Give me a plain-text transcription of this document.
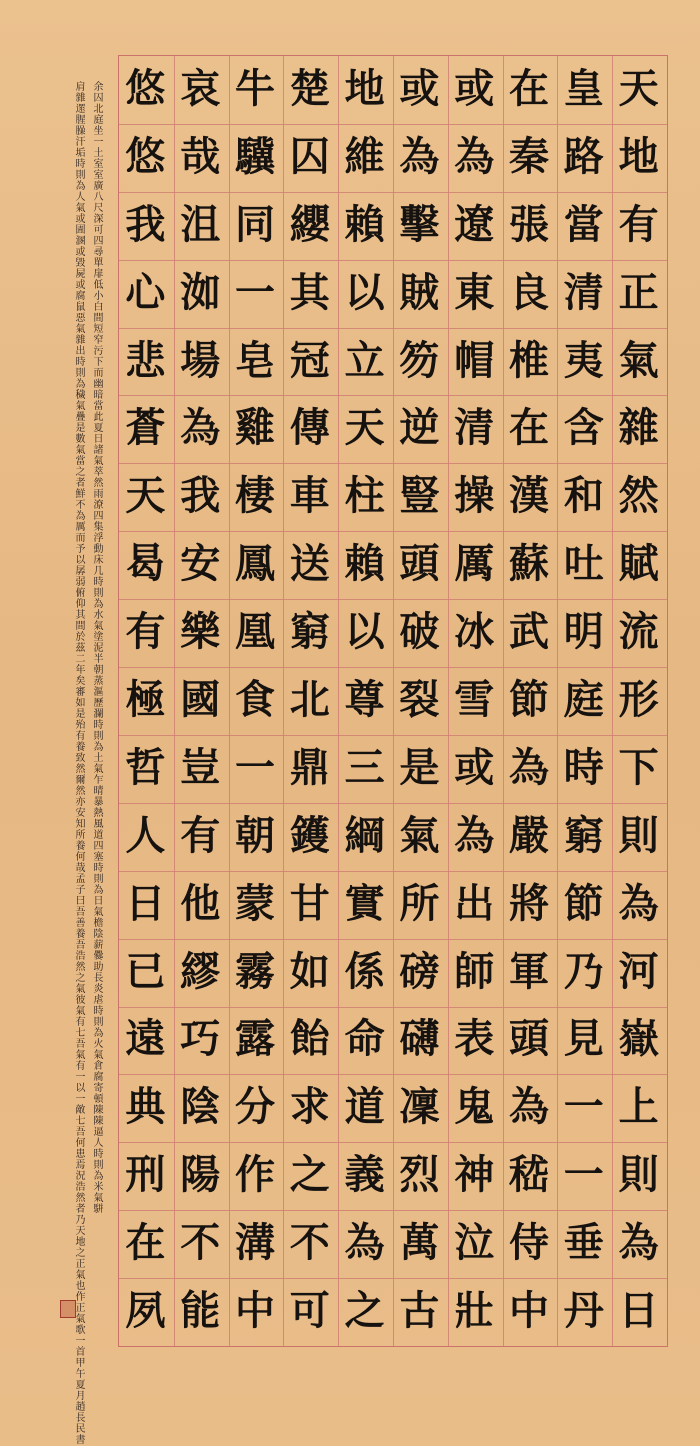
天
地
有
正
氣
雜
然
賦
流
形
下
則
為
河
嶽
上
則
為
日
皇
路
當
清
夷
含
和
吐
明
庭
時
窮
節
乃
見
一
一
垂
丹
在
秦
張
良
椎
在
漢
蘇
武
節
為
嚴
將
軍
頭
為
嵇
侍
中
或
為
遼
東
帽
清
操
厲
冰
雪
或
為
出
師
表
鬼
神
泣
壯
或
為
擊
賊
笏
逆
豎
頭
破
裂
是
氣
所
磅
礴
凜
烈
萬
古
地
維
賴
以
立
天
柱
賴
以
尊
三
綱
實
係
命
道
義
為
之
楚
囚
纓
其
冠
傳
車
送
窮
北
鼎
鑊
甘
如
飴
求
之
不
可
牛
驥
同
一
皂
雞
棲
鳳
凰
食
一
朝
蒙
霧
露
分
作
溝
中
哀
哉
沮
洳
場
為
我
安
樂
國
豈
有
他
繆
巧
陰
陽
不
能
悠
悠
我
心
悲
蒼
天
曷
有
極
哲
人
日
已
遠
典
刑
在
夙
余囚北庭坐一土室室廣八尺深可四尋單扉低小白間短窄污下而幽暗當此夏日諸氣萃然雨潦四集浮動床几時則為水氣塗泥半朝蒸漚歷瀾時則為土氣乍晴暴熱風道四塞時則為日氣檐陰薪爨助長炎虐時則為火氣倉腐寄頓陳陳逼人時則為米氣駢
肩雜遝腥臊汗垢時則為人氣或圊溷或毀屍或腐鼠惡氣雜出時則為穢氣疊是數氣當之者鮮不為厲而予以孱弱俯仰其間於茲二年矣審如是殆有養致然爾然亦安知所養何哉孟子曰吾善養吾浩然之氣彼氣有七吾氣有一以一敵七吾何患焉況浩然者乃天地之正氣也作正氣歌一首甲午夏月趙長民書
